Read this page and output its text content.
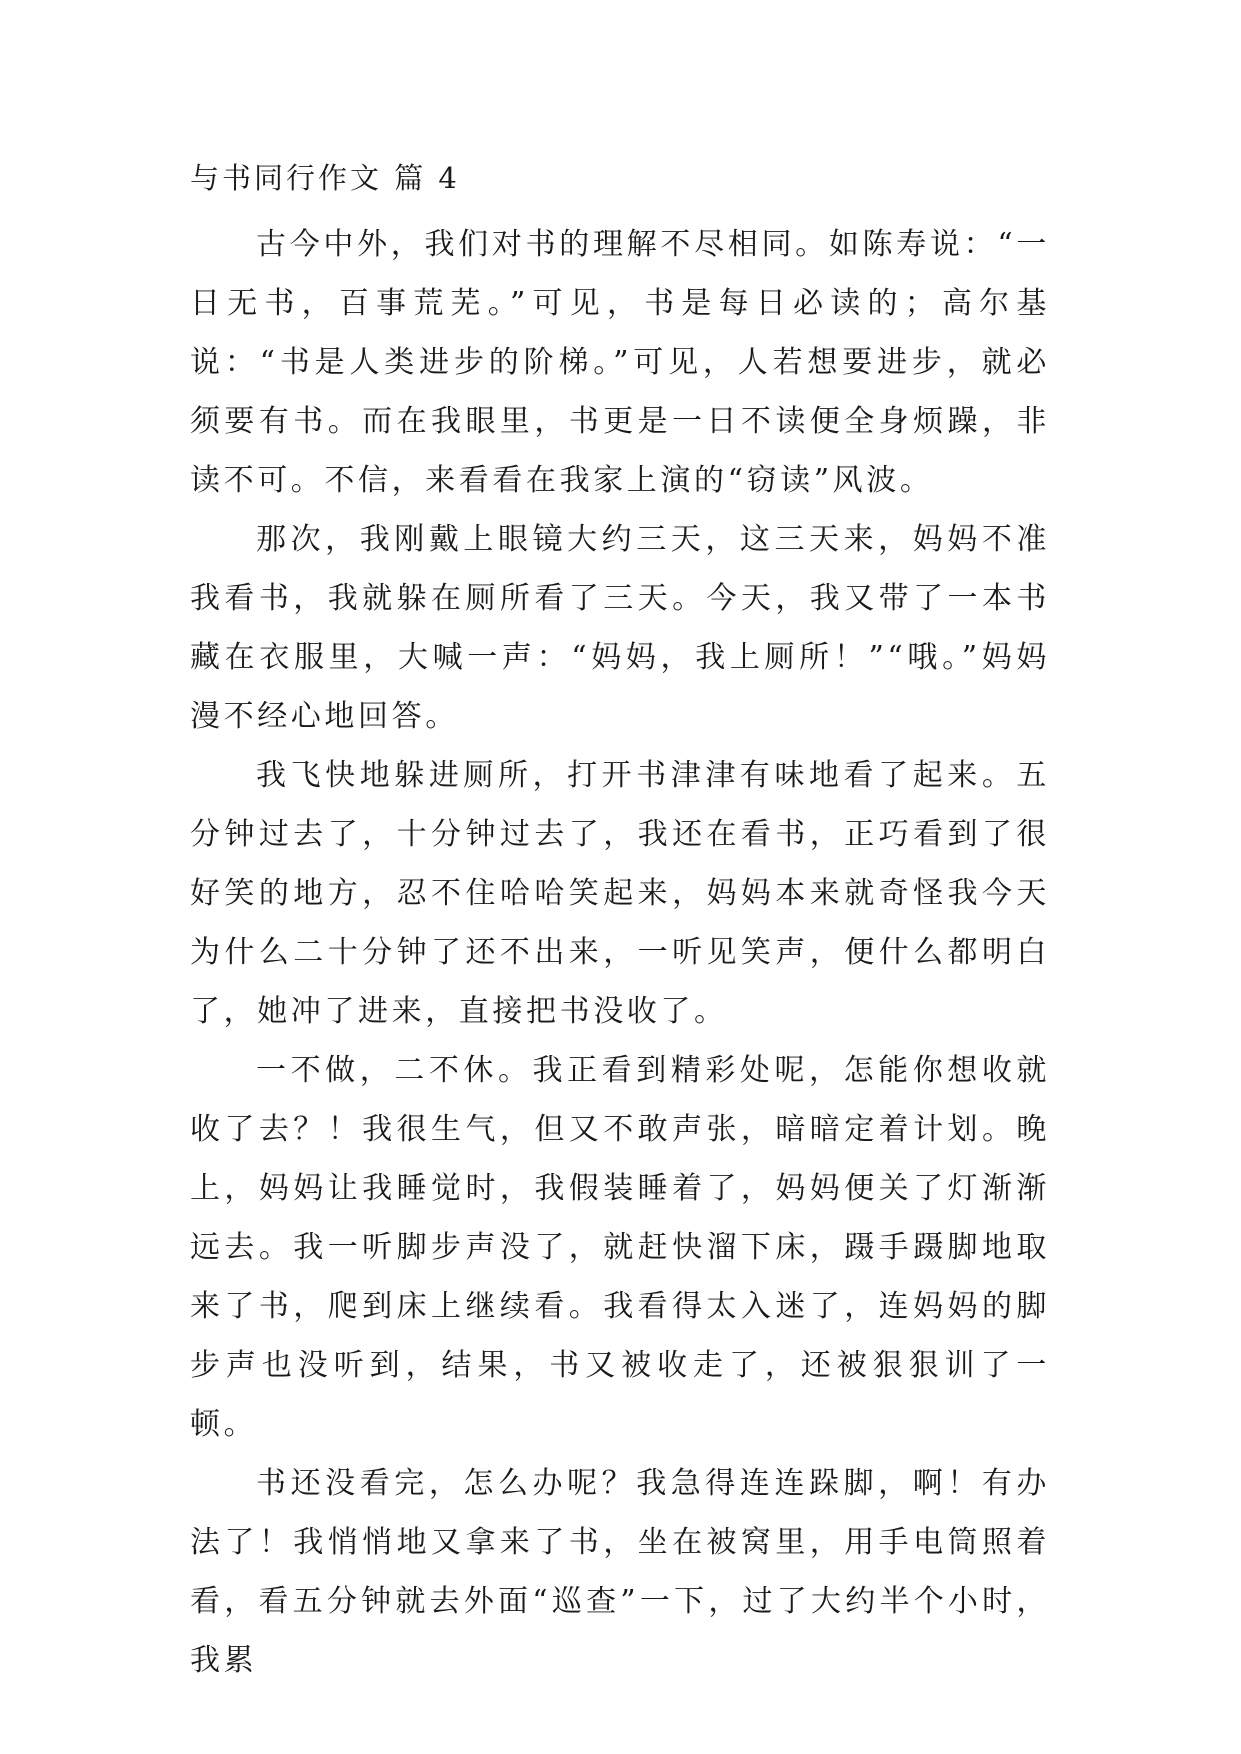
与书同行作文 篇 4

古今中外，我们对书的理解不尽相同。如陈寿说：“一日无书，百事荒芜。”可见，书是每日必读的；高尔基说：“书是人类进步的阶梯。”可见，人若想要进步，就必须要有书。而在我眼里，书更是一日不读便全身烦躁，非读不可。不信，来看看在我家上演的“窃读”风波。

那次，我刚戴上眼镜大约三天，这三天来，妈妈不准我看书，我就躲在厕所看了三天。今天，我又带了一本书藏在衣服里，大喊一声：“妈妈，我上厕所！”“哦。”妈妈漫不经心地回答。

我飞快地躲进厕所，打开书津津有味地看了起来。五分钟过去了，十分钟过去了，我还在看书，正巧看到了很好笑的地方，忍不住哈哈笑起来，妈妈本来就奇怪我今天为什么二十分钟了还不出来，一听见笑声，便什么都明白了，她冲了进来，直接把书没收了。

一不做，二不休。我正看到精彩处呢，怎能你想收就收了去？！我很生气，但又不敢声张，暗暗定着计划。晚上，妈妈让我睡觉时，我假装睡着了，妈妈便关了灯渐渐远去。我一听脚步声没了，就赶快溜下床，蹑手蹑脚地取来了书，爬到床上继续看。我看得太入迷了，连妈妈的脚步声也没听到，结果，书又被收走了，还被狠狠训了一顿。

书还没看完，怎么办呢？我急得连连跺脚，啊！有办法了！我悄悄地又拿来了书，坐在被窝里，用手电筒照着看，看五分钟就去外面“巡查”一下，过了大约半个小时，我累
